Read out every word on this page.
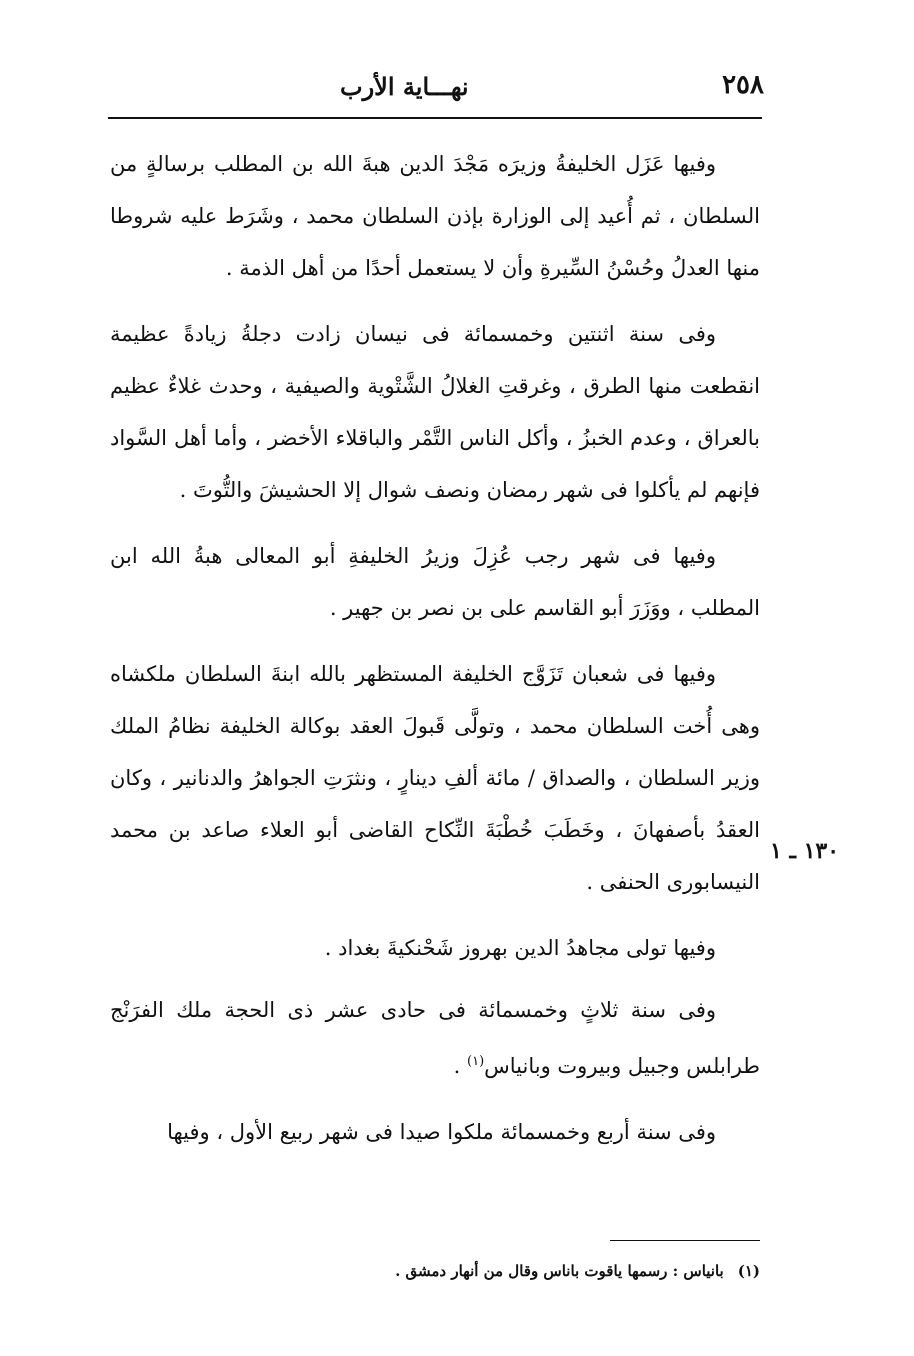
٢٥٨
نهـــاية الأرب

وفيها عَزَل الخليفةُ وزيرَه مَجْدَ الدين هبةَ الله بن المطلب برسالةٍ من السلطان ، ثم أُعيد إلى الوزارة بإذن السلطان محمد ، وشَرَط عليه شروطا منها العدلُ وحُسْنُ السِّيرةِ وأن لا يستعمل أحدًا من أهل الذمة .

وفى سنة اثنتين وخمسمائة فى نيسان زادت دجلةُ زيادةً عظيمة انقطعت منها الطرق ، وغرقتِ الغلالُ الشَّتْوية والصيفية ، وحدث غلاءٌ عظيم بالعراق ، وعدم الخبزُ ، وأكل الناس التَّمْر والباقلاء الأخضر ، وأما أهل السَّواد فإنهم لم يأكلوا فى شهر رمضان ونصف شوال إلا الحشيشَ والتُّوتَ .

وفيها فى شهر رجب عُزِلَ وزيرُ الخليفةِ أبو المعالى هبةُ الله ابن المطلب ، ووَزَرَ أبو القاسم على بن نصر بن جهير .

وفيها فى شعبان تَزَوَّج الخليفة المستظهر بالله ابنةَ السلطان ملكشاه وهى أُخت السلطان محمد ، وتولَّى قَبولَ العقد بوكالة الخليفة نظامُ الملك وزير السلطان ، والصداق / مائة ألفِ دينارٍ ، ونثرَتِ الجواهرُ والدنانير ، وكان العقدُ بأصفهانَ ، وخَطَبَ خُطْبَةَ النِّكاح القاضى أبو العلاء صاعد بن محمد النيسابورى الحنفى .

وفيها تولى مجاهدُ الدين بهروز شَحْنكيةَ بغداد .

وفى سنة ثلاثٍ وخمسمائة فى حادى عشر ذى الحجة ملك الفرَنْج طرابلس وجبيل وبيروت وبانياس$^{(١)}$ .

وفى سنة أربع وخمسمائة ملكوا صيدا فى شهر ربيع الأول ، وفيها

١٣٠ ـ ١
(١)بانياس : رسمها ياقوت باناس وقال من أنهار دمشق .
